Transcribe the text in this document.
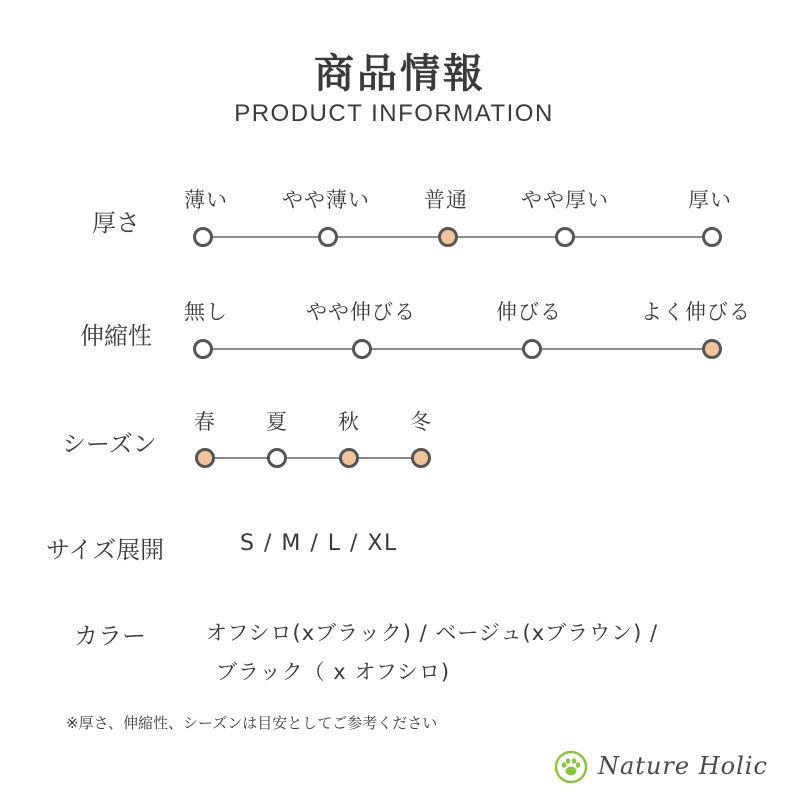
商品情報
PRODUCT INFORMATION
厚さ
薄い	やや薄い	普通	やや厚い	厚い
伸縮性
無し	やや伸びる	伸びる	よく伸びる
シーズン
春 夏 秋 冬
サイズ展開	S / M / L / XL
カラー	オフシロ(xブラック) / ベージュ(xブラウン) /
ブラック（ x オフシロ)
※厚さ、伸縮性、シーズンは目安としてご参考ください
Nature Holic
